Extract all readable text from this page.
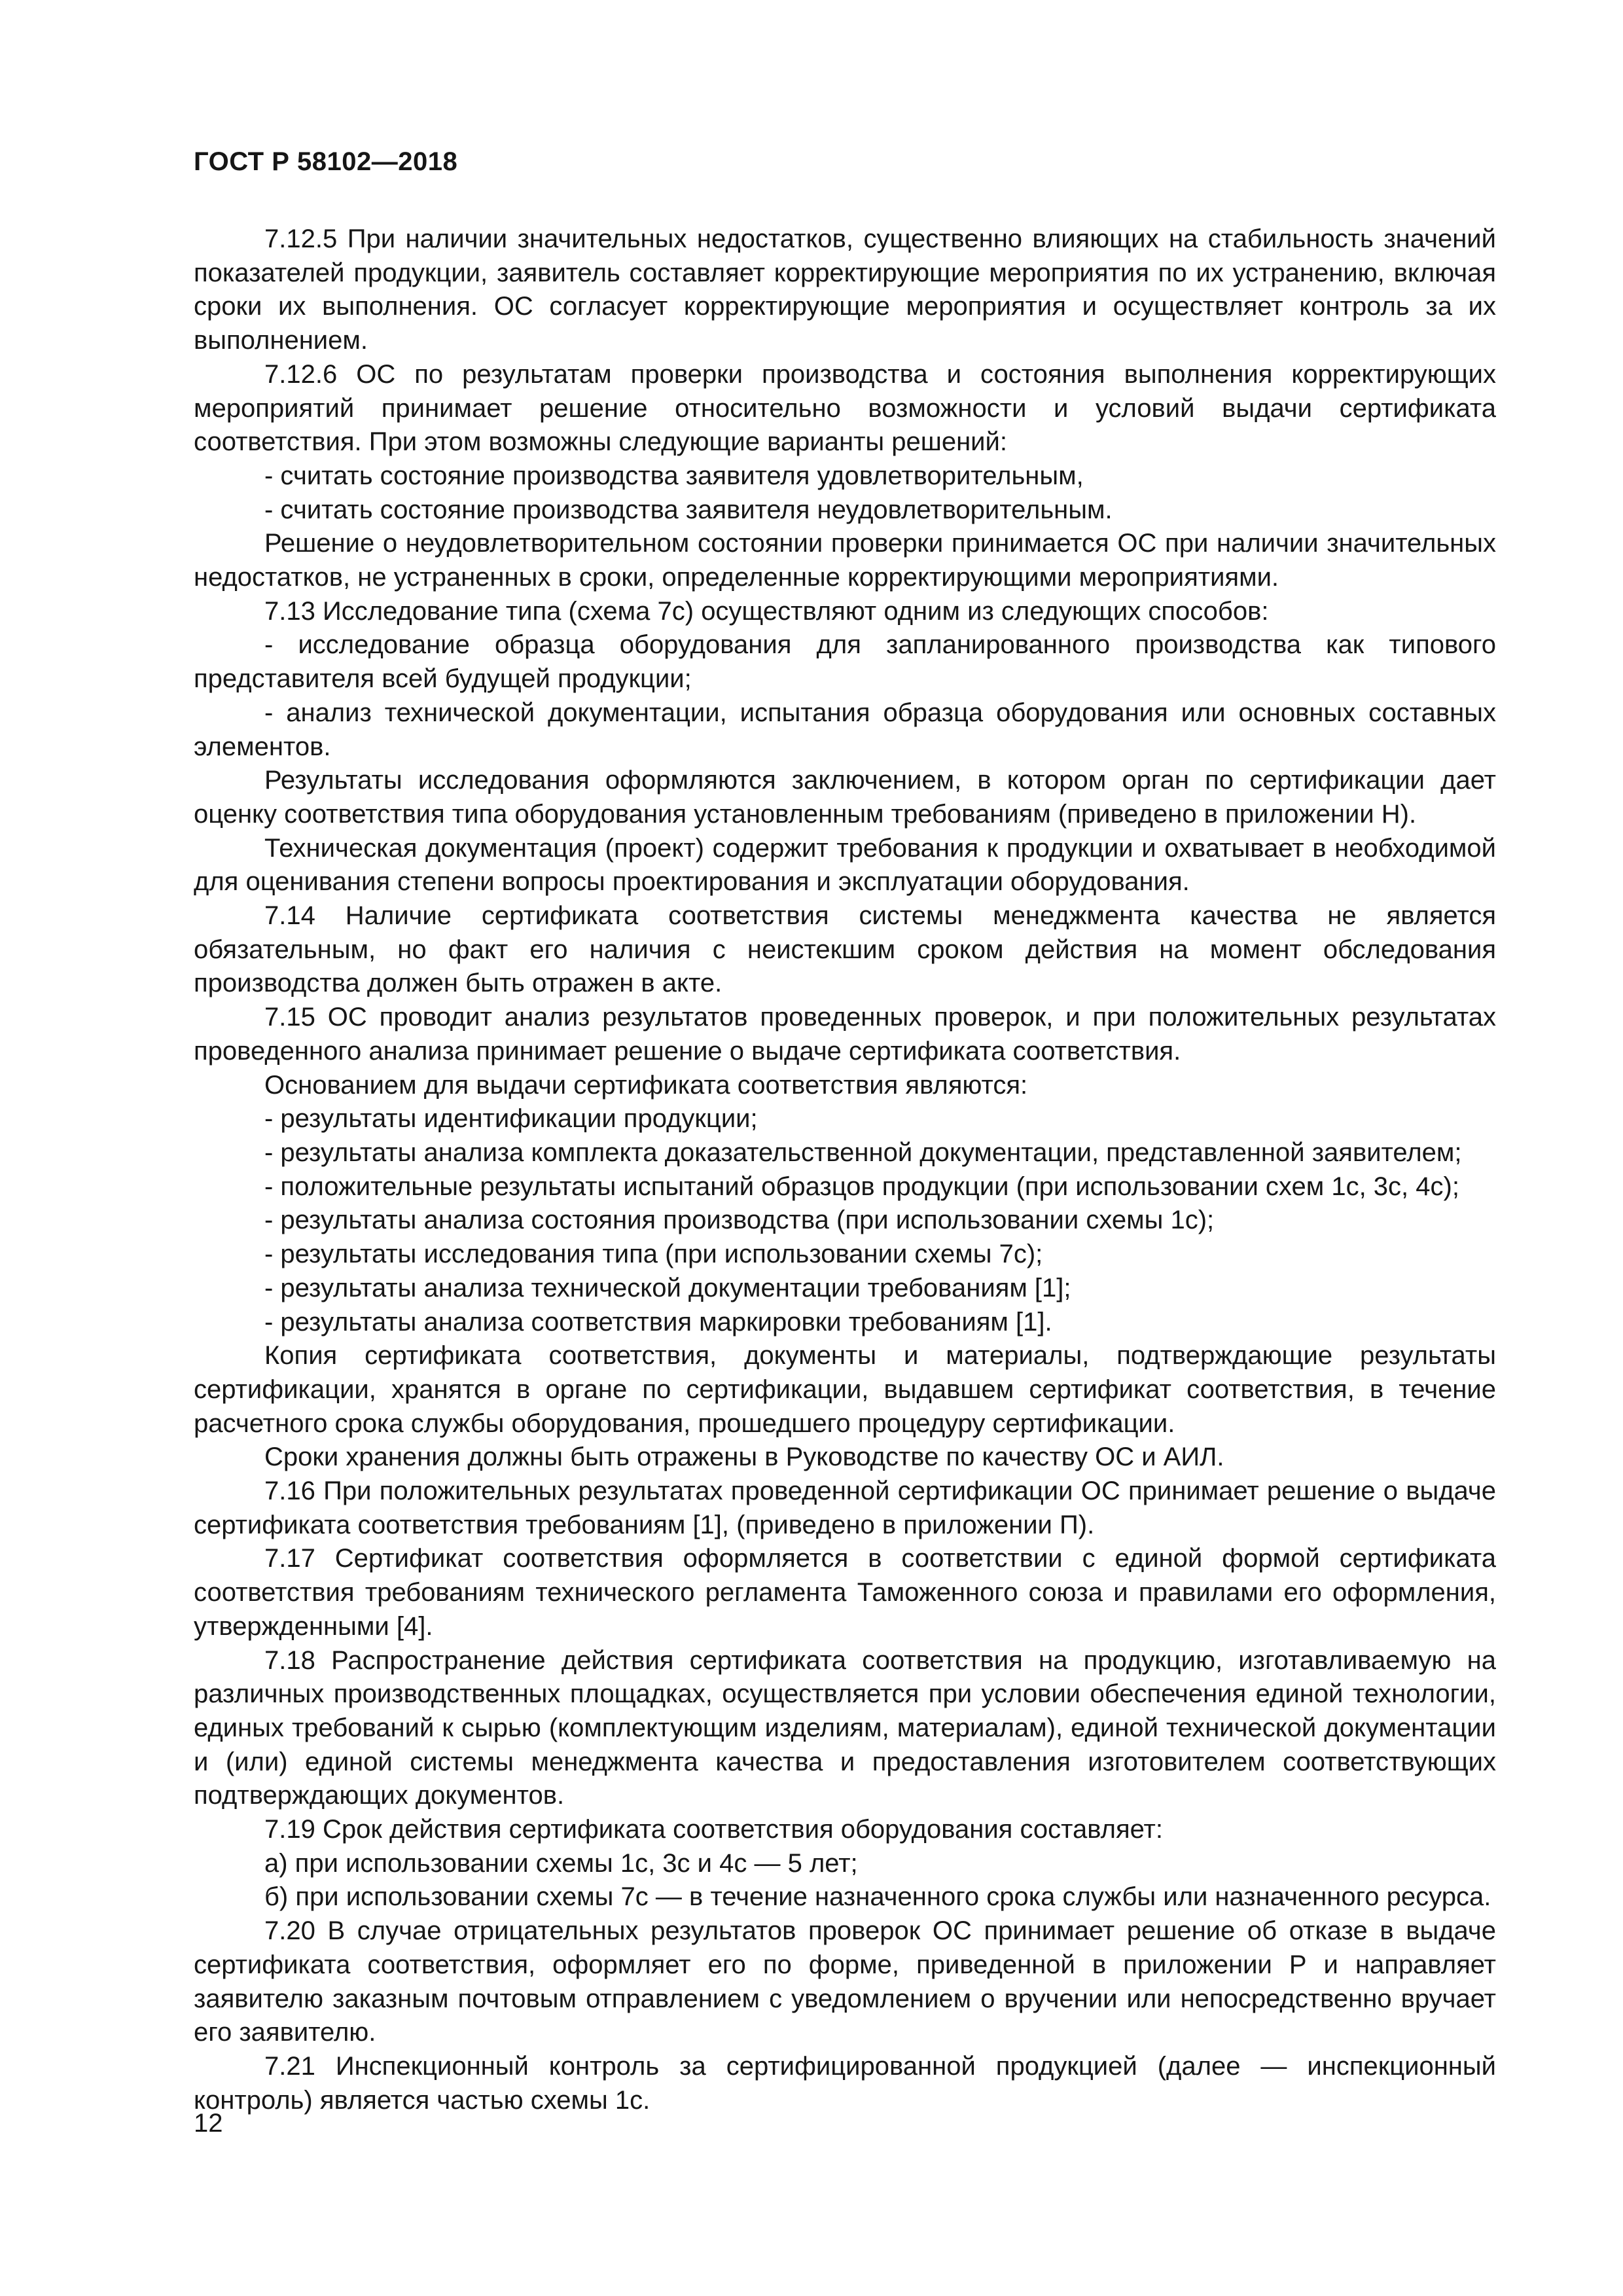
ГОСТ Р 58102—2018

7.12.5 При наличии значительных недостатков, существенно влияющих на стабильность значений показателей продукции, заявитель составляет корректирующие мероприятия по их устранению, включая сроки их выполнения. ОС согласует корректирующие мероприятия и осуществляет контроль за их выполнением.

7.12.6 ОС по результатам проверки производства и состояния выполнения корректирующих мероприятий принимает решение относительно возможности и условий выдачи сертификата соответствия. При этом возможны следующие варианты решений:

- считать состояние производства заявителя удовлетворительным,

- считать состояние производства заявителя неудовлетворительным.

Решение о неудовлетворительном состоянии проверки принимается ОС при наличии значительных недостатков, не устраненных в сроки, определенные корректирующими мероприятиями.

7.13 Исследование типа (схема 7с) осуществляют одним из следующих способов:

- исследование образца оборудования для запланированного производства как типового представителя всей будущей продукции;

- анализ технической документации, испытания образца оборудования или основных составных элементов.

Результаты исследования оформляются заключением, в котором орган по сертификации дает оценку соответствия типа оборудования установленным требованиям (приведено в приложении Н).

Техническая документация (проект) содержит требования к продукции и охватывает в необходимой для оценивания степени вопросы проектирования и эксплуатации оборудования.

7.14 Наличие сертификата соответствия системы менеджмента качества не является обязательным, но факт его наличия с неистекшим сроком действия на момент обследования производства должен быть отражен в акте.

7.15 ОС проводит анализ результатов проведенных проверок, и при положительных результатах проведенного анализа принимает решение о выдаче сертификата соответствия.

Основанием для выдачи сертификата соответствия являются:

- результаты идентификации продукции;

- результаты анализа комплекта доказательственной документации, представленной заявителем;

- положительные результаты испытаний образцов продукции (при использовании схем 1с, 3с, 4с);

- результаты анализа состояния производства (при использовании схемы 1с);

- результаты исследования типа (при использовании схемы 7с);

- результаты анализа технической документации требованиям [1];

- результаты анализа соответствия маркировки требованиям [1].

Копия сертификата соответствия, документы и материалы, подтверждающие результаты сертификации, хранятся в органе по сертификации, выдавшем сертификат соответствия, в течение расчетного срока службы оборудования, прошедшего процедуру сертификации.

Сроки хранения должны быть отражены в Руководстве по качеству ОС и АИЛ.

7.16 При положительных результатах проведенной сертификации ОС принимает решение о выдаче сертификата соответствия требованиям [1], (приведено в приложении П).

7.17 Сертификат соответствия оформляется в соответствии с единой формой сертификата соответствия требованиям технического регламента Таможенного союза и правилами его оформления, утвержденными [4].

7.18 Распространение действия сертификата соответствия на продукцию, изготавливаемую на различных производственных площадках, осуществляется при условии обеспечения единой технологии, единых требований к сырью (комплектующим изделиям, материалам), единой технической документации и (или) единой системы менеджмента качества и предоставления изготовителем соответствующих подтверждающих документов.

7.19 Срок действия сертификата соответствия оборудования составляет:

а) при использовании схемы 1с, 3с и 4с — 5 лет;

б) при использовании схемы 7с — в течение назначенного срока службы или назначенного ресурса.

7.20 В случае отрицательных результатов проверок ОС принимает решение об отказе в выдаче сертификата соответствия, оформляет его по форме, приведенной в приложении Р и направляет заявителю заказным почтовым отправлением с уведомлением о вручении или непосредственно вручает его заявителю.

7.21 Инспекционный контроль за сертифицированной продукцией (далее — инспекционный контроль) является частью схемы 1с.

12
